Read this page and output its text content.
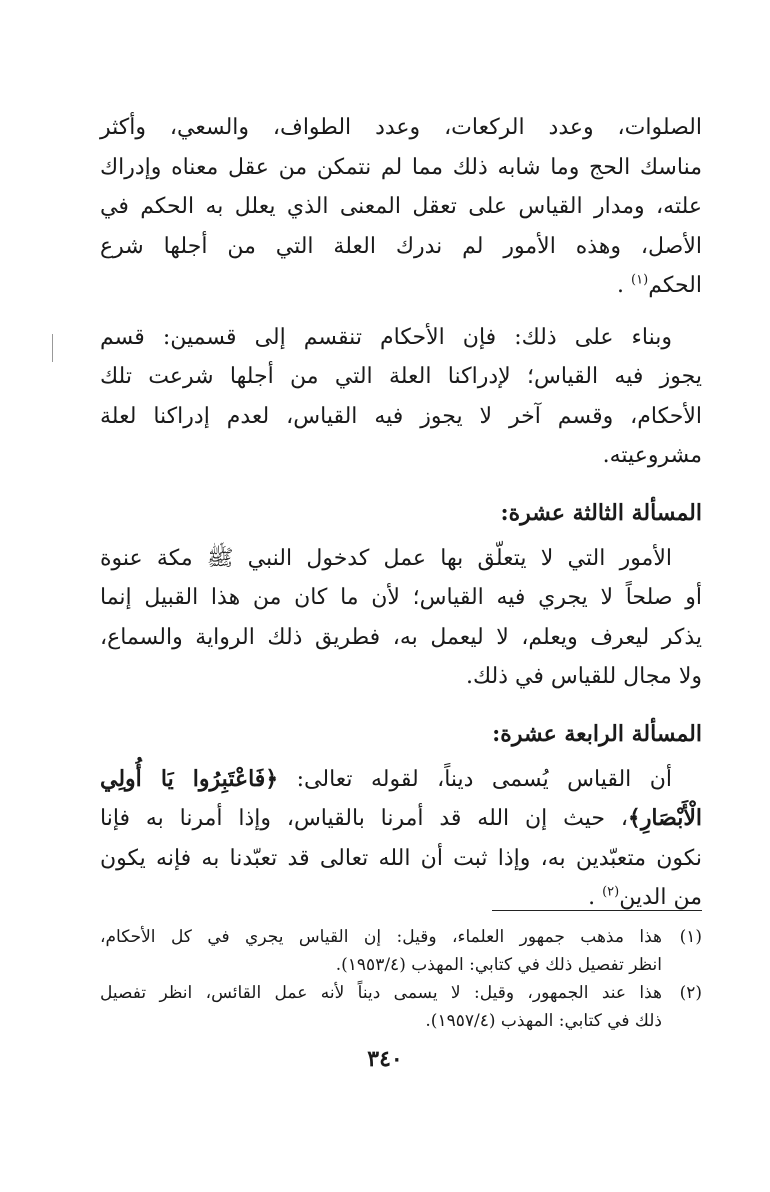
الصلوات، وعدد الركعات، وعدد الطواف، والسعي، وأكثر
مناسك الحج وما شابه ذلك مما لم نتمكن من عقل معناه وإدراك
علته، ومدار القياس على تعقل المعنى الذي يعلل به الحكم في
الأصل، وهذه الأمور لم ندرك العلة التي من أجلها شرع
الحكم$^{(١)}$ .

وبناء على ذلك: فإن الأحكام تنقسم إلى قسمين: قسم
يجوز فيه القياس؛ لإدراكنا العلة التي من أجلها شرعت تلك
الأحكام، وقسم آخر لا يجوز فيه القياس، لعدم إدراكنا لعلة
مشروعيته.

المسألة الثالثة عشرة:

الأمور التي لا يتعلّق بها عمل كدخول النبي ﷺ مكة عنوة
أو صلحاً لا يجري فيه القياس؛ لأن ما كان من هذا القبيل إنما
يذكر ليعرف ويعلم، لا ليعمل به، فطريق ذلك الرواية والسماع،
ولا مجال للقياس في ذلك.

المسألة الرابعة عشرة:

أن القياس يُسمى ديناً، لقوله تعالى: ﴿فَاعْتَبِرُوا يَا أُولِي
الْأَبْصَارِ﴾، حيث إن الله قد أمرنا بالقياس، وإذا أمرنا به فإنا
نكون متعبّدين به، وإذا ثبت أن الله تعالى قد تعبّدنا به فإنه يكون
من الدين$^{(٢)}$ .

(١)
هذا مذهب جمهور العلماء، وقيل: إن القياس يجري في كل الأحكام،
انظر تفصيل ذلك في كتابي: المهذب (١٩٥٣/٤).
(٢)
هذا عند الجمهور، وقيل: لا يسمى ديناً لأنه عمل القائس، انظر تفصيل
ذلك في كتابي: المهذب (١٩٥٧/٤).
٣٤٠
